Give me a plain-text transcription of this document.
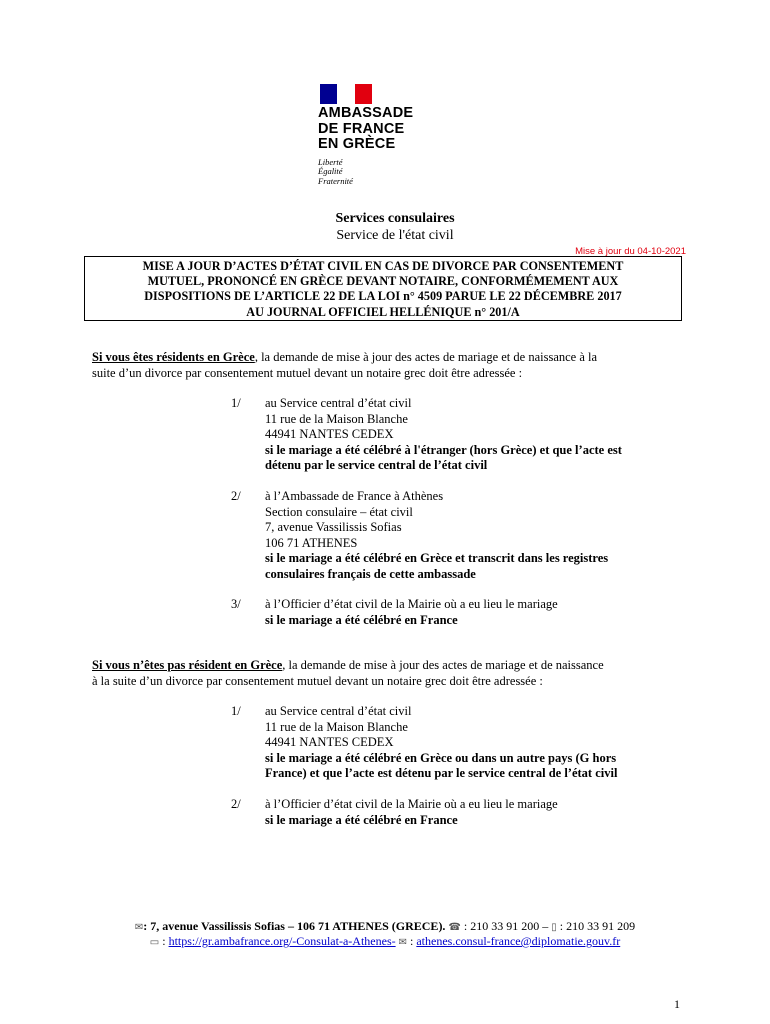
AMBASSADE
DE FRANCE
EN GRÈCE
Liberté
Égalité
Fraternité
Services consulaires
Service de l'état civil
Mise à jour du 04-10-2021
MISE A JOUR D’ACTES D’ÉTAT CIVIL EN CAS DE DIVORCE PAR CONSENTEMENT
MUTUEL, PRONONCÉ EN GRÈCE DEVANT NOTAIRE, CONFORMÉMEMENT AUX
DISPOSITIONS DE L’ARTICLE 22 DE LA LOI n° 4509 PARUE LE 22 DÉCEMBRE 2017
AU JOURNAL OFFICIEL HELLÉNIQUE n° 201/A
Si vous êtes résidents en Grèce, la demande de mise à jour des actes de mariage et de naissance à la
suite d’un divorce par consentement mutuel devant un notaire grec doit être adressée :
1/ au Service central d’état civil
11 rue de la Maison Blanche
44941 NANTES CEDEX
si le mariage a été célébré à l'étranger (hors Grèce) et que l’acte est
détenu par le service central de l’état civil
2/ à l’Ambassade de France à Athènes
Section consulaire – état civil
7, avenue Vassilissis Sofias
106 71 ATHENES
si le mariage a été célébré en Grèce et transcrit dans les registres
consulaires français de cette ambassade
3/ à l’Officier d’état civil de la Mairie où a eu lieu le mariage
si le mariage a été célébré en France
Si vous n’êtes pas résident en Grèce, la demande de mise à jour des actes de mariage et de naissance
à la suite d’un divorce par consentement mutuel devant un notaire grec doit être adressée :
1/ au Service central d’état civil
11 rue de la Maison Blanche
44941 NANTES CEDEX
si le mariage a été célébré en Grèce ou dans un autre pays (G hors
France) et que l’acte est détenu par le service central de l’état civil
2/ à l’Officier d’état civil de la Mairie où a eu lieu le mariage
si le mariage a été célébré en France
✉: 7, avenue Vassilissis Sofias – 106 71 ATHENES (GRECE). ☎ : 210 33 91 200 – ▯ : 210 33 91 209
▭ : https://gr.ambafrance.org/-Consulat-a-Athenes- ✉ : athenes.consul-france@diplomatie.gouv.fr
1
